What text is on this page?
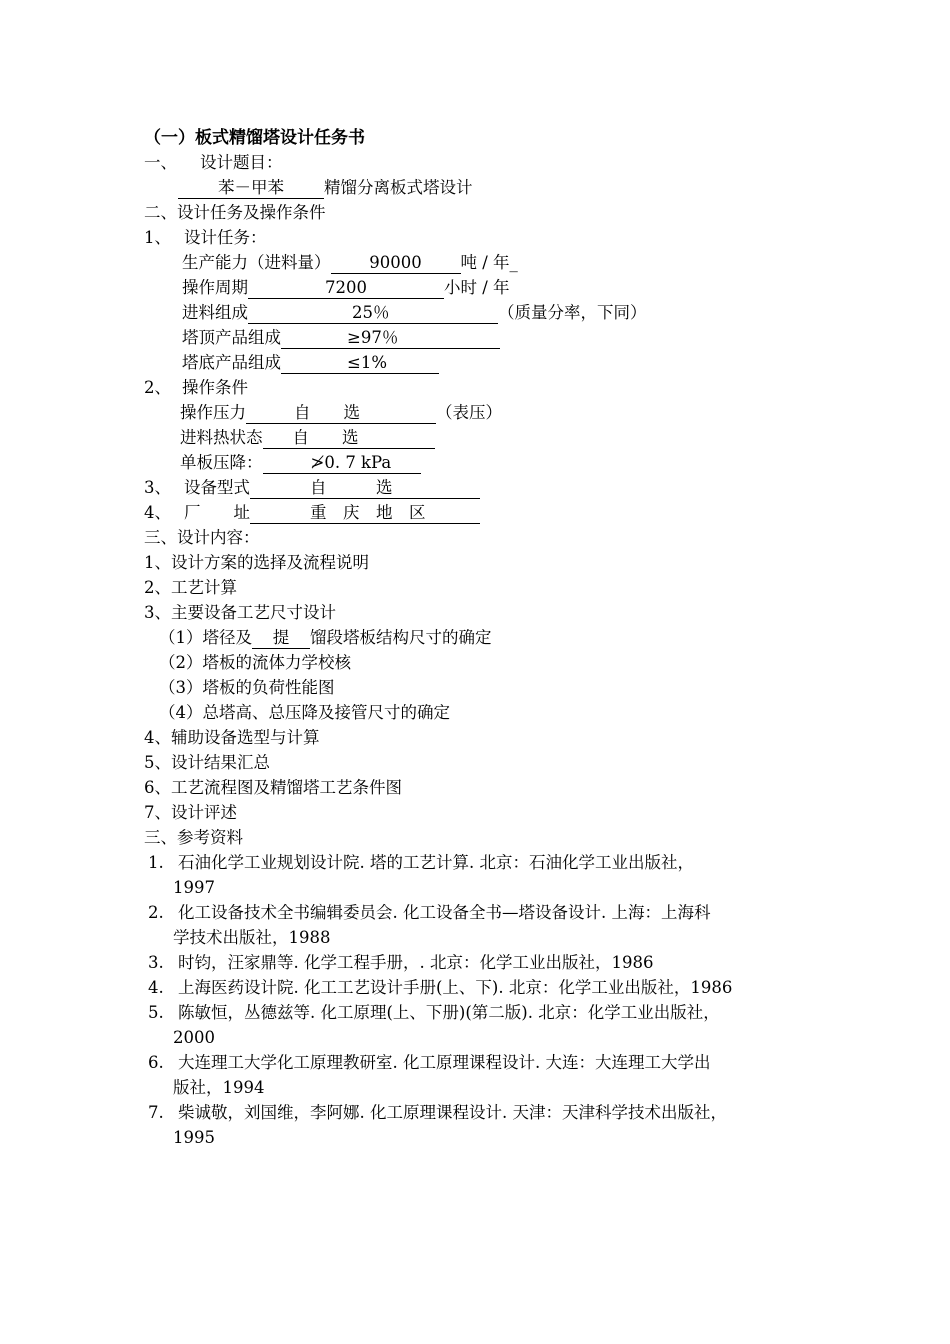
（一）板式精馏塔设计任务书
一、 设计题目：
苯－甲苯 精馏分离板式塔设计
二、设计任务及操作条件
1、 设计任务：
生产能力（进料量） 90000 吨 / 年_
操作周期	7200	小时 / 年
进料组成	25％	（质量分率，下同）
塔顶产品组成	≥97％
塔底产品组成	≤1%
2、 操作条件
操作压力	自　　选	（表压）
进料热状态 自　　选
单板压降：	≯0. 7 kPa
3、 设备型式	自　　　选
4、 厂　　址	重　庆　地　区
三、设计内容：
1、设计方案的选择及流程说明
2、工艺计算
3、主要设备工艺尺寸设计
（1）塔径及 提 馏段塔板结构尺寸的确定
（2）塔板的流体力学校核
（3）塔板的负荷性能图
（4）总塔高、总压降及接管尺寸的确定
4、辅助设备选型与计算
5、设计结果汇总
6、工艺流程图及精馏塔工艺条件图
7、设计评述
三、参考资料
1. 石油化学工业规划设计院. 塔的工艺计算. 北京：石油化学工业出版社，
1997
2. 化工设备技术全书编辑委员会. 化工设备全书—塔设备设计. 上海：上海科
学技术出版社，1988
3. 时钧，汪家鼎等. 化学工程手册，. 北京：化学工业出版社，1986
4. 上海医药设计院. 化工工艺设计手册(上、下). 北京：化学工业出版社，1986
5. 陈敏恒，丛德兹等. 化工原理(上、下册)(第二版). 北京：化学工业出版社，
2000
6. 大连理工大学化工原理教研室. 化工原理课程设计. 大连：大连理工大学出
版社，1994
7. 柴诚敬，刘国维，李阿娜. 化工原理课程设计. 天津：天津科学技术出版社，
1995
